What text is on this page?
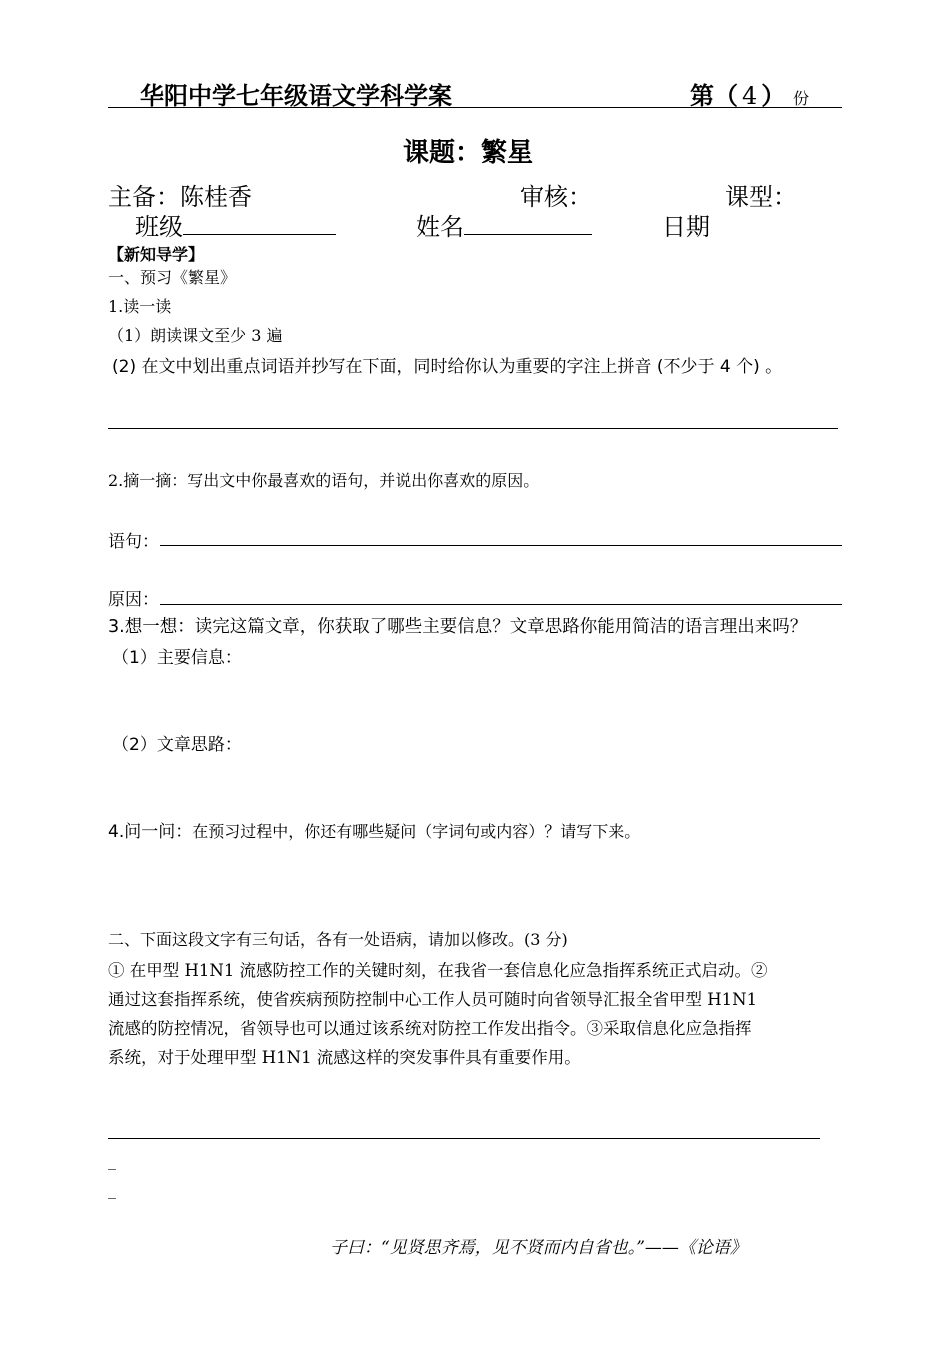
华阳中学七年级语文学科学案	第（ 4 ） 份
课题：繁星
主备：陈桂香	审核：	课型：
班级	姓名	日期
【新知导学】
一、预习《繁星》
1.读一读
（1）朗读课文至少 3 遍
(2) 在文中划出重点词语并抄写在下面，同时给你认为重要的字注上拼音 (不少于 4 个) 。
2.摘一摘：写出文中你最喜欢的语句，并说出你喜欢的原因。
语句：
原因：
3.想一想：读完这篇文章，你获取了哪些主要信息？文章思路你能用简洁的语言理出来吗？
（1）主要信息：
（2）文章思路：
4.问一问：在预习过程中，你还有哪些疑问（字词句或内容）？请写下来。
二、下面这段文字有三句话，各有一处语病，请加以修改。(3 分)
① 在甲型 H1N1 流感防控工作的关键时刻，在我省一套信息化应急指挥系统正式启动。②
通过这套指挥系统，使省疾病预防控制中心工作人员可随时向省领导汇报全省甲型 H1N1
流感的防控情况，省领导也可以通过该系统对防控工作发出指令。③采取信息化应急指挥
系统，对于处理甲型 H1N1 流感这样的突发事件具有重要作用。
_
_
子曰：“见贤思齐焉，见不贤而内自省也。”——《论语》
